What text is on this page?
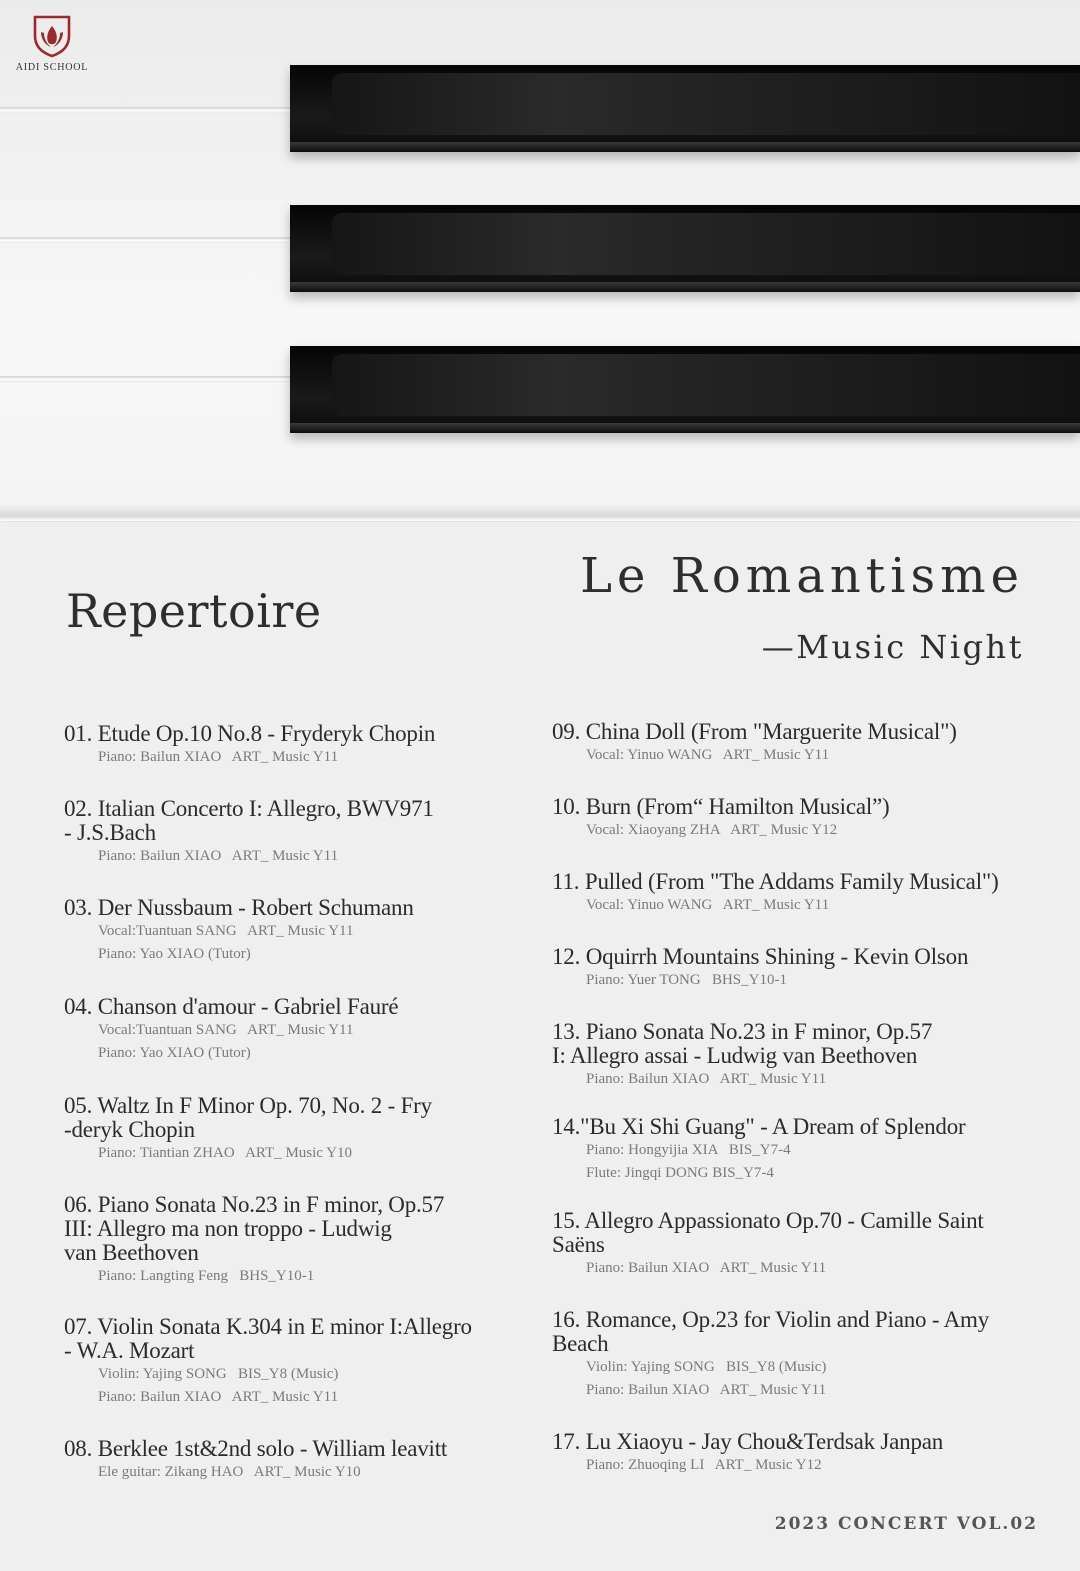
AIDI SCHOOL
Repertoire
Le Romantisme
—Music Night
01. Etude Op.10 No.8 - Fryderyk Chopin
Piano: Bailun XIAO   ART_ Music Y11
02. Italian Concerto I: Allegro, BWV971
- J.S.Bach
Piano: Bailun XIAO   ART_ Music Y11
03. Der Nussbaum - Robert Schumann
Vocal:Tuantuan SANG   ART_ Music Y11
Piano: Yao XIAO (Tutor)
04. Chanson d'amour - Gabriel Fauré
Vocal:Tuantuan SANG   ART_ Music Y11
Piano: Yao XIAO (Tutor)
05. Waltz In F Minor Op. 70, No. 2 - Fry
-deryk Chopin
Piano: Tiantian ZHAO   ART_ Music Y10
06. Piano Sonata No.23 in F minor, Op.57
III: Allegro ma non troppo - Ludwig
van Beethoven
Piano: Langting Feng   BHS_Y10-1
07. Violin Sonata K.304 in E minor I:Allegro
- W.A. Mozart
Violin: Yajing SONG   BIS_Y8 (Music)
Piano: Bailun XIAO   ART_ Music Y11
08. Berklee 1st&2nd solo - William leavitt
Ele guitar: Zikang HAO   ART_ Music Y10
09. China Doll (From "Marguerite Musical")
Vocal: Yinuo WANG   ART_ Music Y11
10. Burn (From“ Hamilton Musical”)
Vocal: Xiaoyang ZHA   ART_ Music Y12
11. Pulled (From "The Addams Family Musical")
Vocal: Yinuo WANG   ART_ Music Y11
12. Oquirrh Mountains Shining - Kevin Olson
Piano: Yuer TONG   BHS_Y10-1
13. Piano Sonata No.23 in F minor, Op.57
I: Allegro assai - Ludwig van Beethoven
Piano: Bailun XIAO   ART_ Music Y11
14."Bu Xi Shi Guang" - A Dream of Splendor
Piano: Hongyijia XIA   BIS_Y7-4
Flute: Jingqi DONG BIS_Y7-4
15. Allegro Appassionato Op.70 - Camille Saint
Saëns
Piano: Bailun XIAO   ART_ Music Y11
16. Romance, Op.23 for Violin and Piano - Amy
Beach
Violin: Yajing SONG   BIS_Y8 (Music)
Piano: Bailun XIAO   ART_ Music Y11
17. Lu Xiaoyu - Jay Chou&Terdsak Janpan
Piano: Zhuoqing LI   ART_ Music Y12
2023 CONCERT VOL.02
